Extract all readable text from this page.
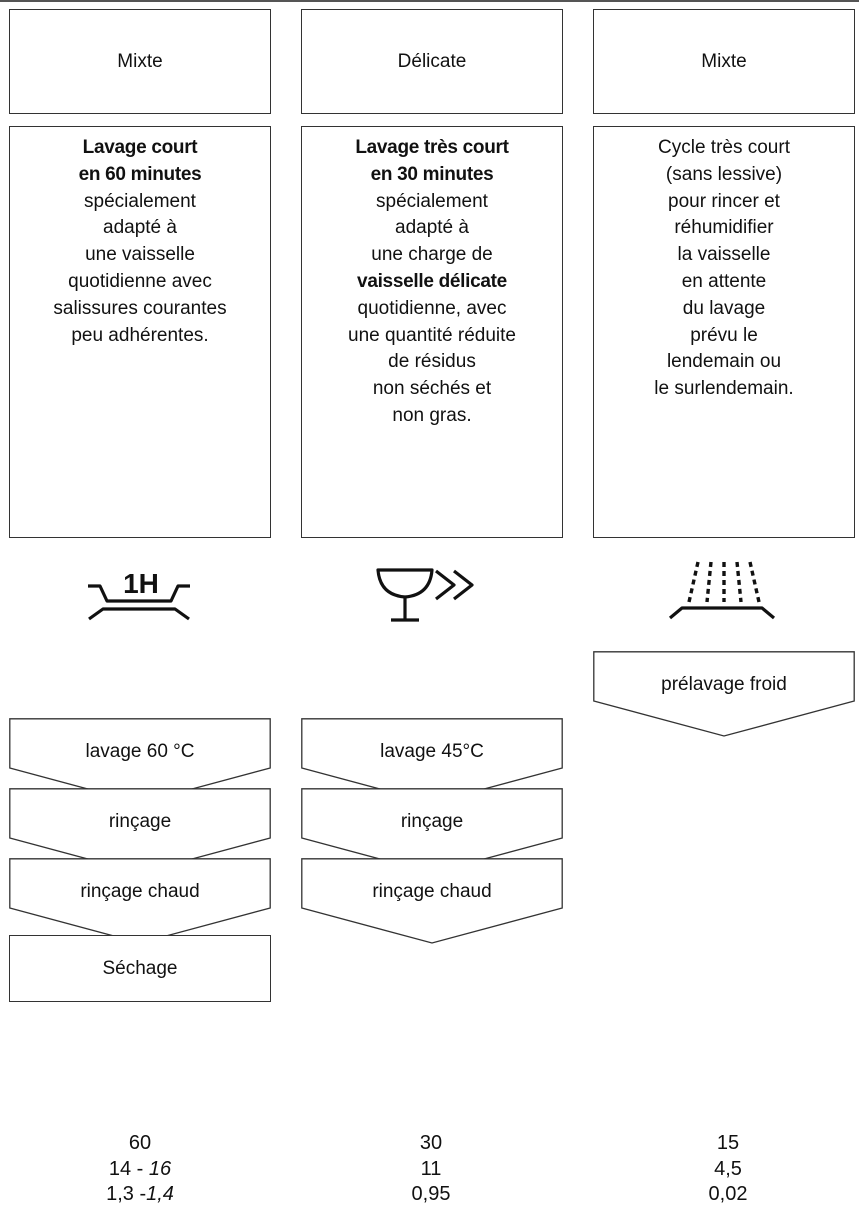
Mixte
Lavage court
en 60 minutes
spécialement
adapté à
une vaisselle
quotidienne avec
salissures courantes
peu adhérentes.
Délicate
Lavage très court
en 30 minutes
spécialement
adapté à
une charge de
vaisselle délicate
quotidienne, avec
une quantité réduite
de résidus
non séchés et
non gras.
Mixte
Cycle très court
(sans lessive)
pour rincer et
réhumidifier
la vaisselle
en attente
du lavage
prévu le
lendemain ou
le surlendemain.
1H
lavage 60 °C
rinçage
rinçage chaud
lavage 45°C
rinçage
rinçage chaud
prélavage froid
Séchage
60
14 - 16
1,3 -1,4
30
11
0,95
15
4,5
0,02
